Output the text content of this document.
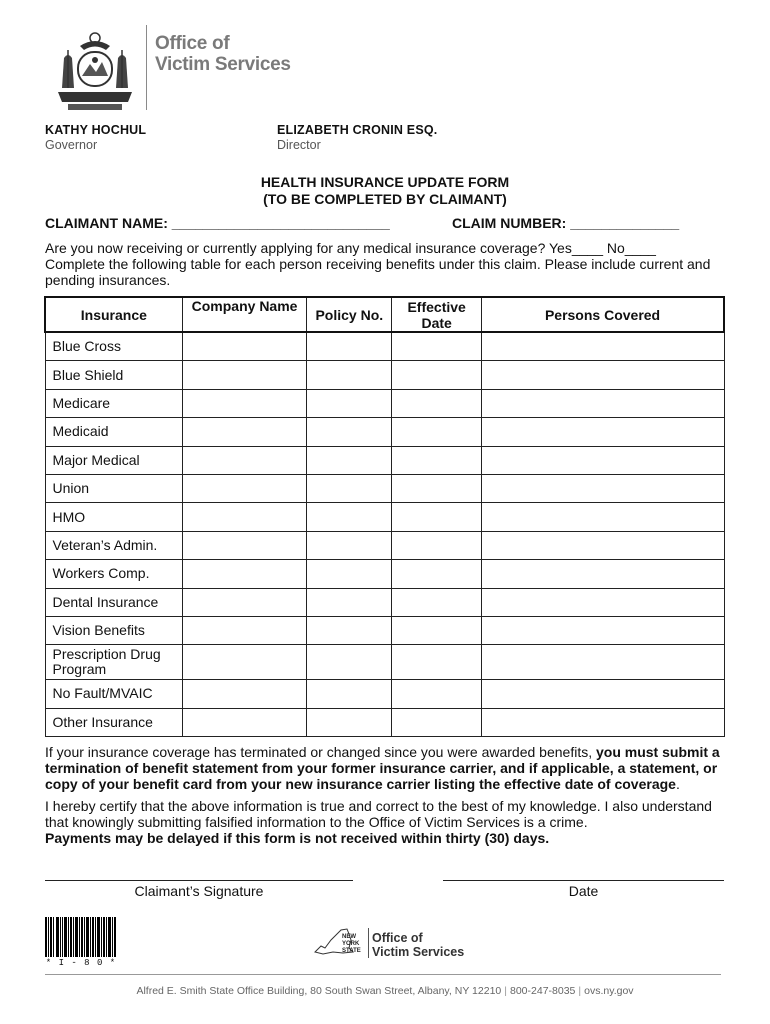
Office of
Victim Services
KATHY HOCHUL
Governor
ELIZABETH CRONIN ESQ.
Director
HEALTH INSURANCE UPDATE FORM
(TO BE COMPLETED BY CLAIMANT)
CLAIMANT NAME: ____________________________	CLAIM NUMBER: ______________
Are you now receiving or currently applying for any medical insurance coverage? Yes____ No____
Complete the following table for each person receiving benefits under this claim. Please include current and pending insurances.
Insurance	Company Name	Policy No.	Effective Date	Persons Covered
Blue Cross				
Blue Shield				
Medicare				
Medicaid				
Major Medical				
Union				
HMO				
Veteran’s Admin.				
Workers Comp.				
Dental Insurance				
Vision Benefits				
Prescription Drug Program				
No Fault/MVAIC				
Other Insurance				

If your insurance coverage has terminated or changed since you were awarded benefits, you must submit a termination of benefit statement from your former insurance carrier, and if applicable, a statement, or copy of your benefit card from your new insurance carrier listing the effective date of coverage.

I hereby certify that the above information is true and correct to the best of my knowledge. I also understand that knowingly submitting falsified information to the Office of Victim Services is a crime.
Payments may be delayed if this form is not received within thirty (30) days.

Claimant’s Signature	Date
* I - 8 0 *
NEW
YORK
STATE
Office of
Victim Services
Alfred E. Smith State Office Building, 80 South Swan Street, Albany, NY 12210 | 800-247-8035 | ovs.ny.gov
